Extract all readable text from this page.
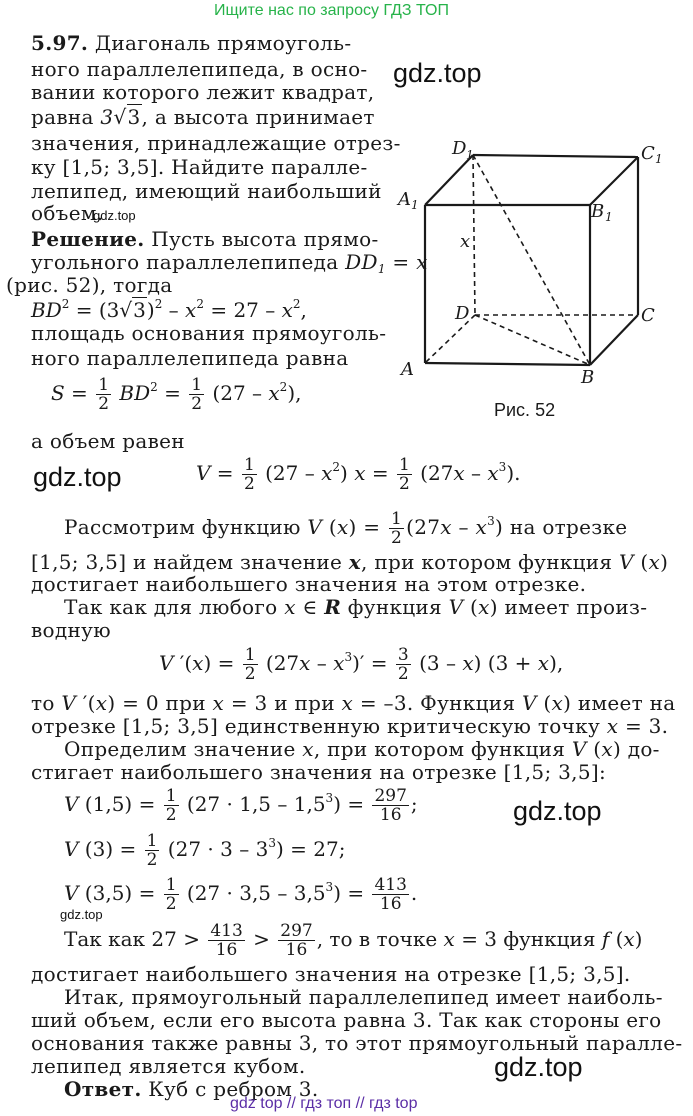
Ищите нас по запросу ГДЗ ТОП
5.97. Диагональ прямоуголь-
ного параллелепипеда, в осно-
вании которого лежит квадрат,
равна 3√3, а высота принимает
значения, принадлежащие отрез-
ку [1,5; 3,5]. Найдите паралле-
лепипед, имеющий наибольший
объем.
gdz.top
gdz.top
D 1	C 1
A 1	B 1
x
D	C
A	B
Рис. 52
Решение. Пусть высота прямо-
угольного параллелепипеда $DD_1 = x$
(рис. 52), тогда
$BD^2 = (3√3)^2 - x^2 = 27 - x^2$,
площадь основания прямоуголь-
ного параллелепипеда равна
$S = \frac{1}{2} BD^2 = \frac{1}{2} (27 - x^2)$,
а объем равен
gdz.top	$V = \frac{1}{2} (27 - x^2) x = \frac{1}{2} (27x - x^3)$.
Рассмотрим функцию V $(x) = \frac{1}{2} (27x - x^3)$ на отрезке
[1,5; 3,5] и найдем значение x, при котором функция V (x)
достигает наибольшего значения на этом отрезке.
Так как для любого x ∈ R функция V (x) имеет произ-
водную
V $'(x) = \frac{1}{2} (27x - x^3)' = \frac{3}{2} (3 - x) (3 + x)$,
то V ′(x) = 0 при x = 3 и при x = –3. Функция V (x) имеет на
отрезке [1,5; 3,5] единственную критическую точку x = 3.
Определим значение x, при котором функция V (x) до-
стигает наибольшего значения на отрезке [1,5; 3,5]:
V $(1,5) = \frac{1}{2} (27 \cdot 1,5 - 1,5^3) = \frac{297}{16}$ ;	gdz.top
V $(3) = \frac{1}{2} (27 \cdot 3 - 3^3) = 27$;
V $(3,5) = \frac{1}{2} (27 \cdot 3,5 - 3,5^3) = \frac{413}{16}$ .
gdz.top
Так как $27 > \frac{413}{16} > \frac{297}{16}$ , то в точке x = 3 функция f (x)
достигает наибольшего значения на отрезке [1,5; 3,5].
Итак, прямоугольный параллелепипед имеет наиболь-
ший объем, если его высота равна 3. Так как стороны его
основания также равны 3, то этот прямоугольный паралле-
лепипед является кубом.	gdz.top
Ответ. Куб с ребром 3.
gdz top // гдз топ // гдз top
